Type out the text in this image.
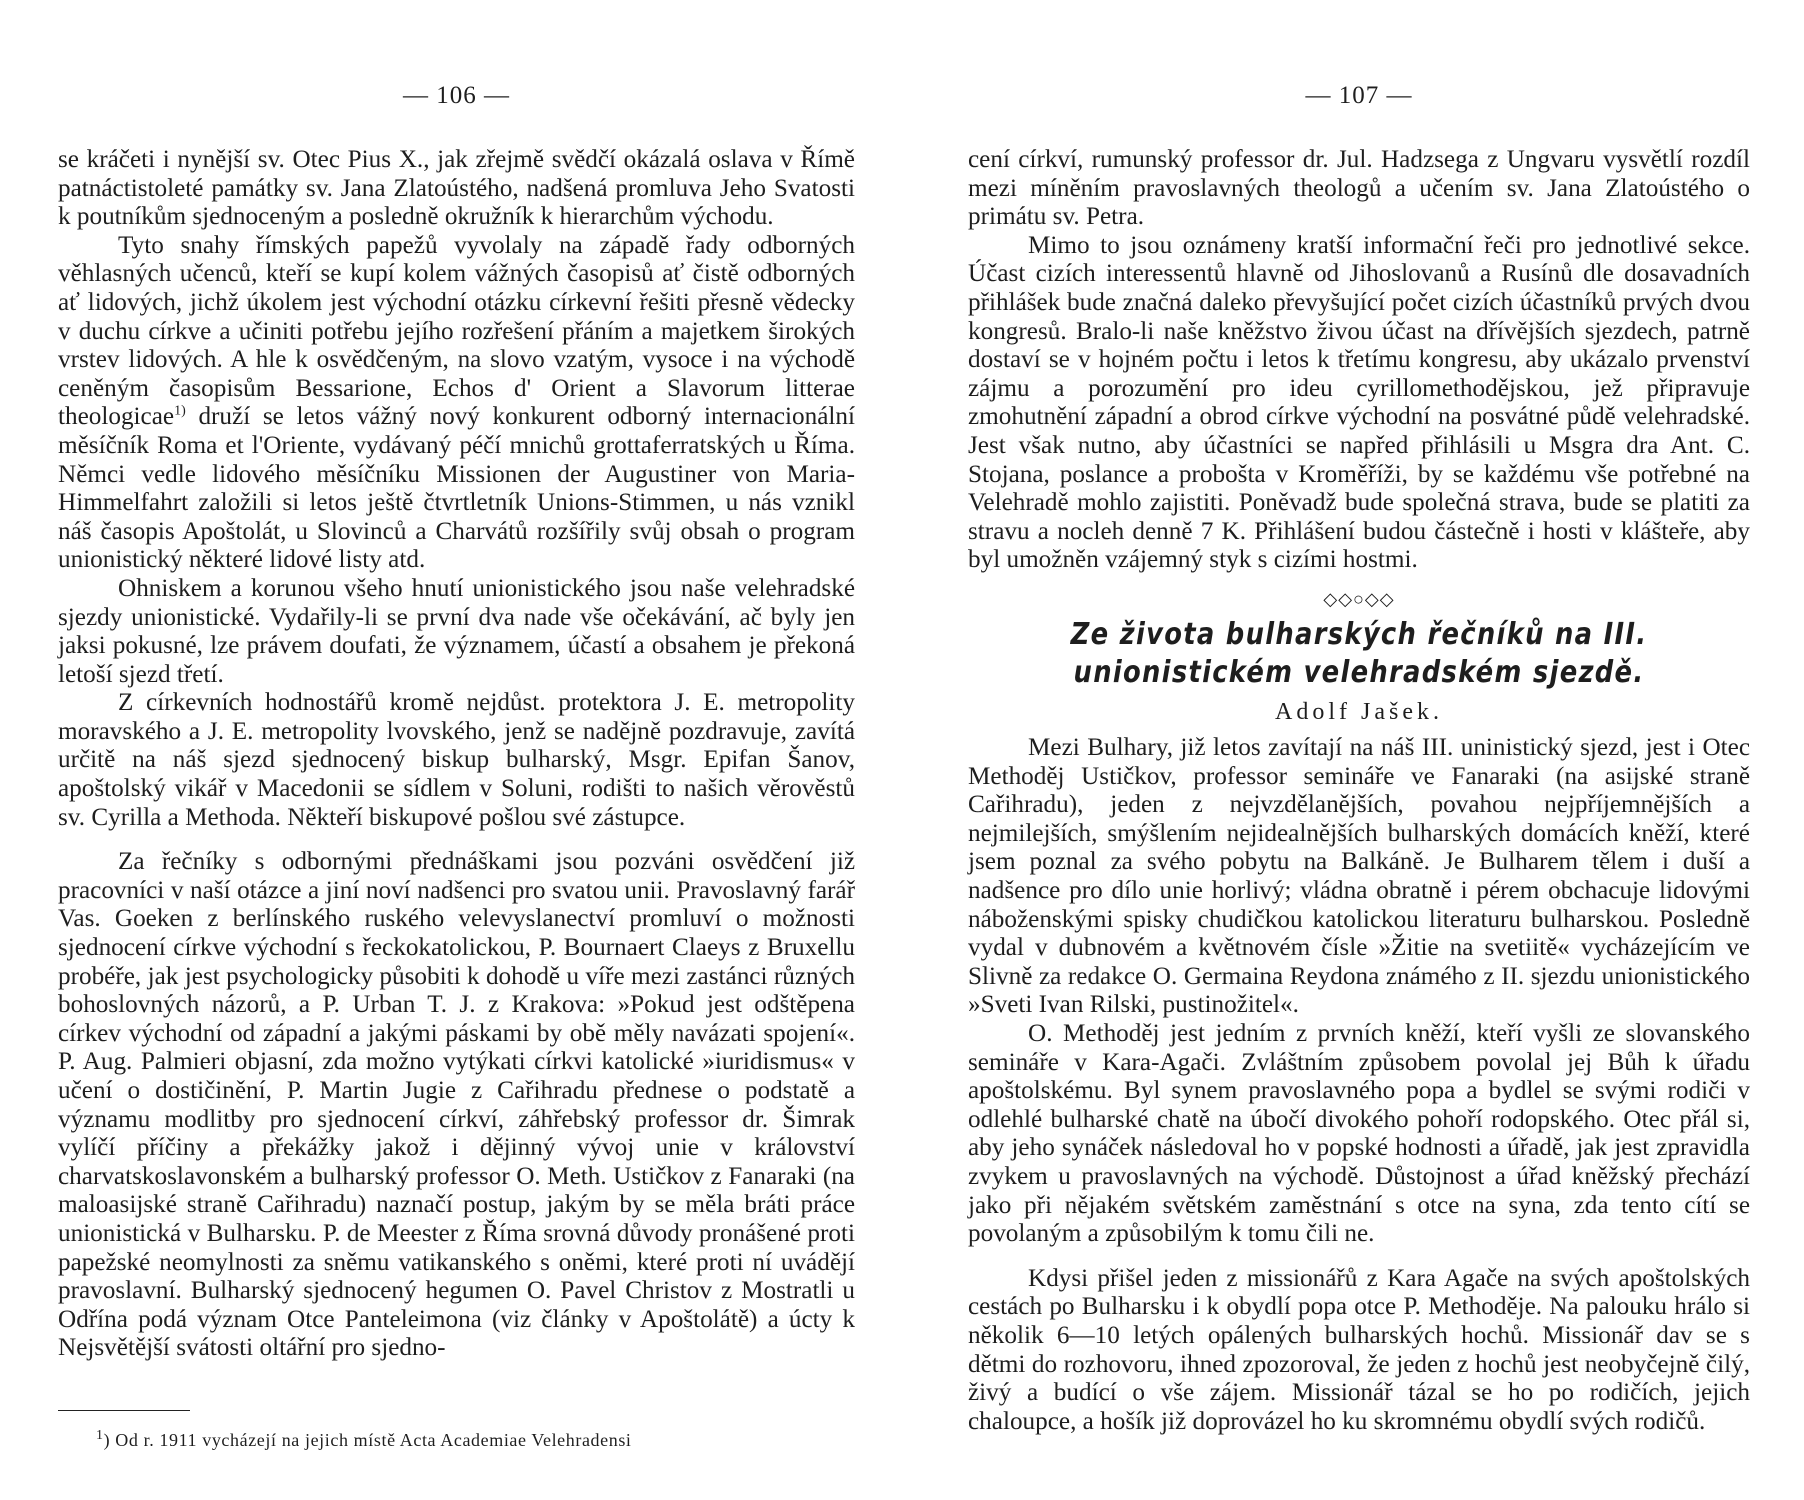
— 106 —

se kráčeti i nynější sv. Otec Pius X., jak zřejmě svědčí okázalá oslava v Římě patnáctistoleté památky sv. Jana Zlatoústého, nadšená promluva Jeho Svatosti k poutníkům sjednoceným a posledně okružník k hierarchům východu.

Tyto snahy římských papežů vyvolaly na západě řady odborných věhlasných učenců, kteří se kupí kolem vážných časopisů ať čistě odborných ať lidových, jichž úkolem jest východní otázku církevní řešiti přesně vědecky v duchu církve a učiniti potřebu jejího rozřešení přáním a majetkem širokých vrstev lidových. A hle k osvědčeným, na slovo vzatým, vysoce i na východě ceněným časopisům Bessarione, Echos d' Orient a Slavorum litterae theologicae$^{1)}$ druží se letos vážný nový konkurent odborný internacionální měsíčník Roma et l'Oriente, vydávaný péčí mnichů grottaferratských u Říma. Němci vedle lidového měsíčníku Missionen der Augustiner von Maria-Himmelfahrt založili si letos ještě čtvrtletník Unions-Stimmen, u nás vznikl náš časopis Apoštolát, u Slovinců a Charvátů rozšířily svůj obsah o program unionistický některé lidové listy atd.

Ohniskem a korunou všeho hnutí unionistického jsou naše velehradské sjezdy unionistické. Vydařily-li se první dva nade vše očekávání, ač byly jen jaksi pokusné, lze právem doufati, že významem, účastí a obsahem je překoná letoší sjezd třetí.

Z církevních hodnostářů kromě nejdůst. protektora J. E. metropolity moravského a J. E. metropolity lvovského, jenž se nadějně pozdravuje, zavítá určitě na náš sjezd sjednocený biskup bulharský, Msgr. Epifan Šanov, apoštolský vikář v Macedonii se sídlem v Soluni, rodišti to našich věrověstů sv. Cyrilla a Methoda. Někteří biskupové pošlou své zástupce.

Za řečníky s odbornými přednáškami jsou pozváni osvědčení již pracovníci v naší otázce a jiní noví nadšenci pro svatou unii. Pravoslavný farář Vas. Goeken z berlínského ruského velevyslanectví promluví o možnosti sjednocení církve východní s řeckokatolickou, P. Bournaert Claeys z Bruxellu probéře, jak jest psychologicky působiti k dohodě u víře mezi zastánci různých bohoslovných názorů, a P. Urban T. J. z Krakova: »Pokud jest odštěpena církev východní od západní a jakými páskami by obě měly navázati spojení«. P. Aug. Palmieri objasní, zda možno vytýkati církvi katolické »iuridismus« v učení o dostičinění, P. Martin Jugie z Cařihradu přednese o podstatě a významu modlitby pro sjednocení církví, záhřebský professor dr. Šimrak vylíčí příčiny a překážky jakož i dějinný vývoj unie v království charvatskoslavonském a bulharský professor O. Meth. Ustičkov z Fanaraki (na maloasijské straně Cařihradu) naznačí postup, jakým by se měla bráti práce unionistická v Bulharsku. P. de Meester z Říma srovná důvody pronášené proti papežské neomylnosti za sněmu vatikanského s oněmi, které proti ní uvádějí pravoslavní. Bulharský sjednocený hegumen O. Pavel Christov z Mostratli u Odřína podá význam Otce Panteleimona (viz články v Apoštolátě) a úcty k Nejsvětější svátosti oltářní pro sjedno-

$^1$) Od r. 1911 vycházejí na jejich místě Acta Academiae Velehradensi
— 107 —

cení církví, rumunský professor dr. Jul. Hadzsega z Ungvaru vysvětlí rozdíl mezi míněním pravoslavných theologů a učením sv. Jana Zlatoústého o primátu sv. Petra.

Mimo to jsou oznámeny kratší informační řeči pro jednotlivé sekce. Účast cizích interessentů hlavně od Jihoslovanů a Rusínů dle dosavadních přihlášek bude značná daleko převyšující počet cizích účastníků prvých dvou kongresů. Bralo-li naše kněžstvo živou účast na dřívějších sjezdech, patrně dostaví se v hojném počtu i letos k třetímu kongresu, aby ukázalo prvenství zájmu a porozumění pro ideu cyrillomethodějskou, jež připravuje zmohutnění západní a obrod církve východní na posvátné půdě velehradské. Jest však nutno, aby účastníci se napřed přihlásili u Msgra dra Ant. C. Stojana, poslance a probošta v Kroměříži, by se každému vše potřebné na Velehradě mohlo zajistiti. Poněvadž bude společná strava, bude se platiti za stravu a nocleh denně 7 K. Přihlášení budou částečně i hosti v klášteře, aby byl umožněn vzájemný styk s cizími hostmi.

◇◇○◇◇
Ze života bulharských řečníků na III. unionistickém velehradském sjezdě.
Adolf Jašek.

Mezi Bulhary, již letos zavítají na náš III. uninistický sjezd, jest i Otec Methoděj Ustičkov, professor semináře ve Fanaraki (na asijské straně Cařihradu), jeden z nejvzdělanějších, povahou nejpříjemnějších a nejmilejších, smýšlením nejidealnějších bulharských domácích kněží, které jsem poznal za svého pobytu na Balkáně. Je Bulharem tělem i duší a nadšence pro dílo unie horlivý; vládna obratně i pérem obchacuje lidovými náboženskými spisky chudičkou katolickou literaturu bulharskou. Posledně vydal v dubnovém a květnovém čísle »Žitie na svetiitě« vycházejícím ve Slivně za redakce O. Germaina Reydona známého z II. sjezdu unionistického »Sveti Ivan Rilski, pustinožitel«.

O. Methoděj jest jedním z prvních kněží, kteří vyšli ze slovanského semináře v Kara-Agači. Zvláštním způsobem povolal jej Bůh k úřadu apoštolskému. Byl synem pravoslavného popa a bydlel se svými rodiči v odlehlé bulharské chatě na úbočí divokého pohoří rodopského. Otec přál si, aby jeho synáček následoval ho v popské hodnosti a úřadě, jak jest zpravidla zvykem u pravoslavných na východě. Důstojnost a úřad kněžský přechází jako při nějakém světském zaměstnání s otce na syna, zda tento cítí se povolaným a způsobilým k tomu čili ne.

Kdysi přišel jeden z missionářů z Kara Agače na svých apoštolských cestách po Bulharsku i k obydlí popa otce P. Methoděje. Na palouku hrálo si několik 6—10 letých opálených bulharských hochů. Missionář dav se s dětmi do rozhovoru, ihned zpozoroval, že jeden z hochů jest neobyčejně čilý, živý a budící o vše zájem. Missionář tázal se ho po rodičích, jejich chaloupce, a hošík již doprovázel ho ku skromnému obydlí svých rodičů.
